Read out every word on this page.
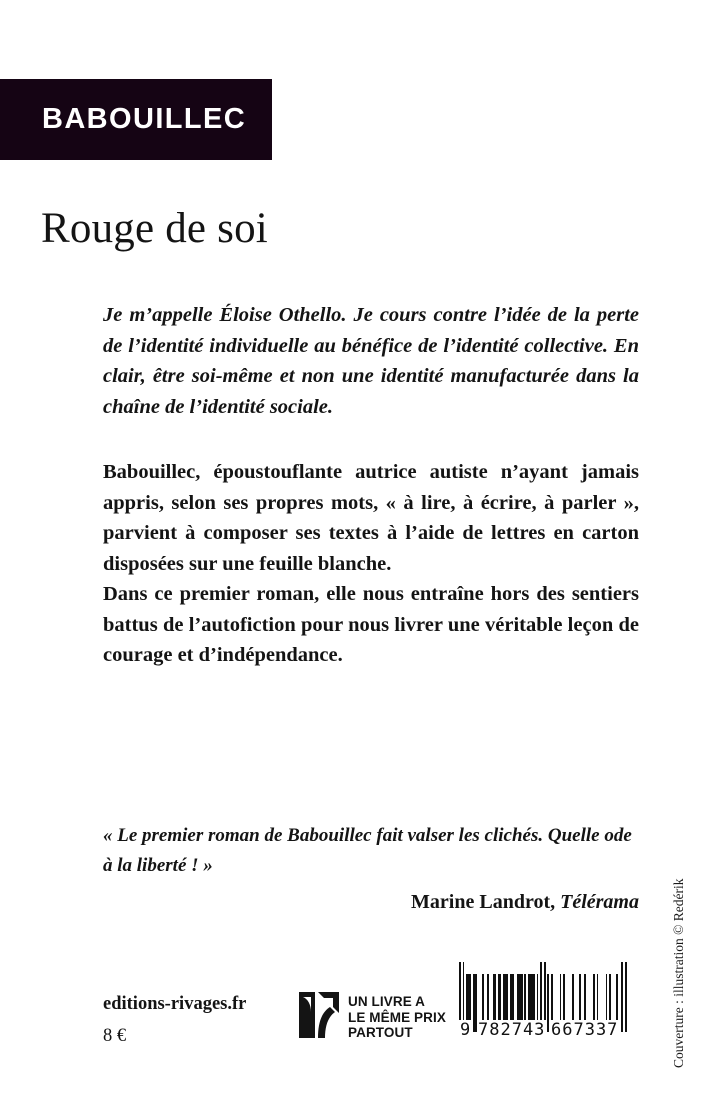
BABOUILLEC
Rouge de soi

Je m’appelle Éloise Othello. Je cours contre l’idée de la perte de l’identité individuelle au bénéfice de l’identité collective. En clair, être soi-même et non une identité manufacturée dans la chaîne de l’identité sociale.

Babouillec, époustouflante autrice autiste n’ayant jamais appris, selon ses propres mots, « à lire, à écrire, à parler », parvient à composer ses textes à l’aide de lettres en carton disposées sur une feuille blanche.

Dans ce premier roman, elle nous entraîne hors des sentiers battus de l’autofiction pour nous livrer une véritable leçon de courage et d’indépendance.

« Le premier roman de Babouillec fait valser les clichés. Quelle ode à la liberté ! »

Marine Landrot, Télérama

editions-rivages.fr
8 €
UN LIVRE A
LE MÊME PRIX
PARTOUT	9 782743 667337	Couverture : illustration © Redérik
